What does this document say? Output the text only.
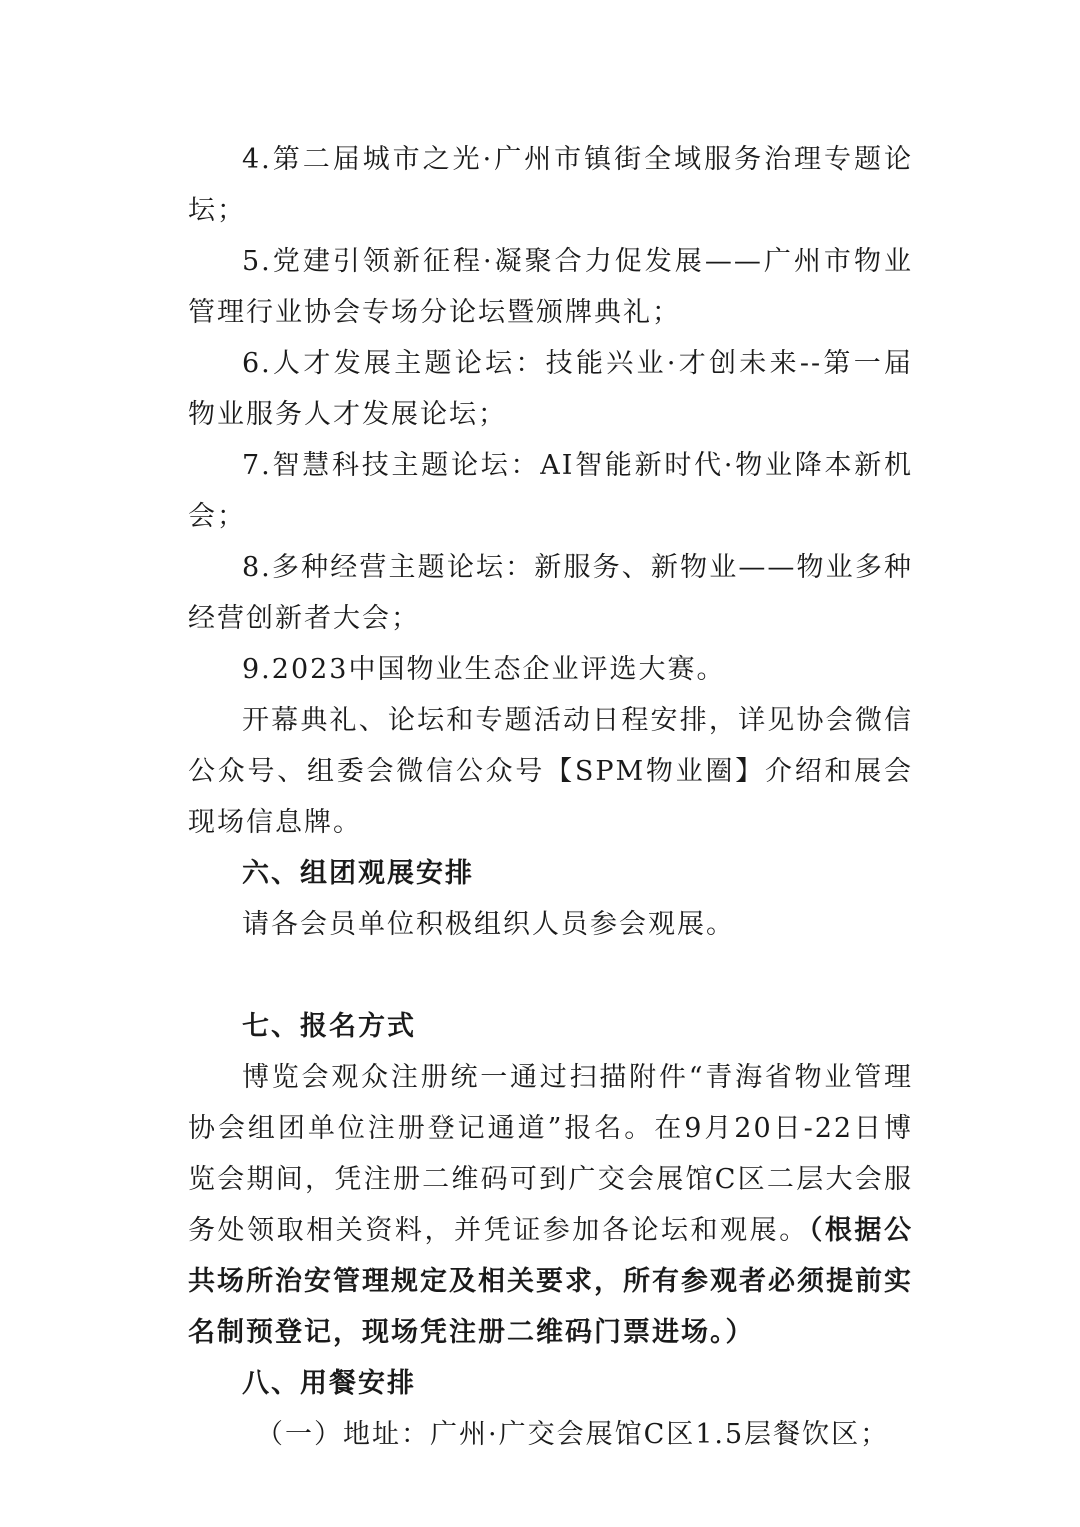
4.第二届城市之光·广州市镇街全域服务治理专题论坛；

5.党建引领新征程·凝聚合力促发展——广州市物业管理行业协会专场分论坛暨颁牌典礼；

6.人才发展主题论坛：技能兴业·才创未来--第一届物业服务人才发展论坛；

7.智慧科技主题论坛：AI智能新时代·物业降本新机会；

8.多种经营主题论坛：新服务、新物业——物业多种经营创新者大会；

9.2023中国物业生态企业评选大赛。

开幕典礼、论坛和专题活动日程安排，详见协会微信公众号、组委会微信公众号【SPM物业圈】介绍和展会现场信息牌。

六、组团观展安排

请各会员单位积极组织人员参会观展。

七、报名方式

博览会观众注册统一通过扫描附件“青海省物业管理协会组团单位注册登记通道”报名。在9月20日-22日博览会期间，凭注册二维码可到广交会展馆C区二层大会服务处领取相关资料，并凭证参加各论坛和观展。（根据公共场所治安管理规定及相关要求，所有参观者必须提前实名制预登记，现场凭注册二维码门票进场。）

八、用餐安排

（一）地址：广州·广交会展馆C区1.5层餐饮区；
